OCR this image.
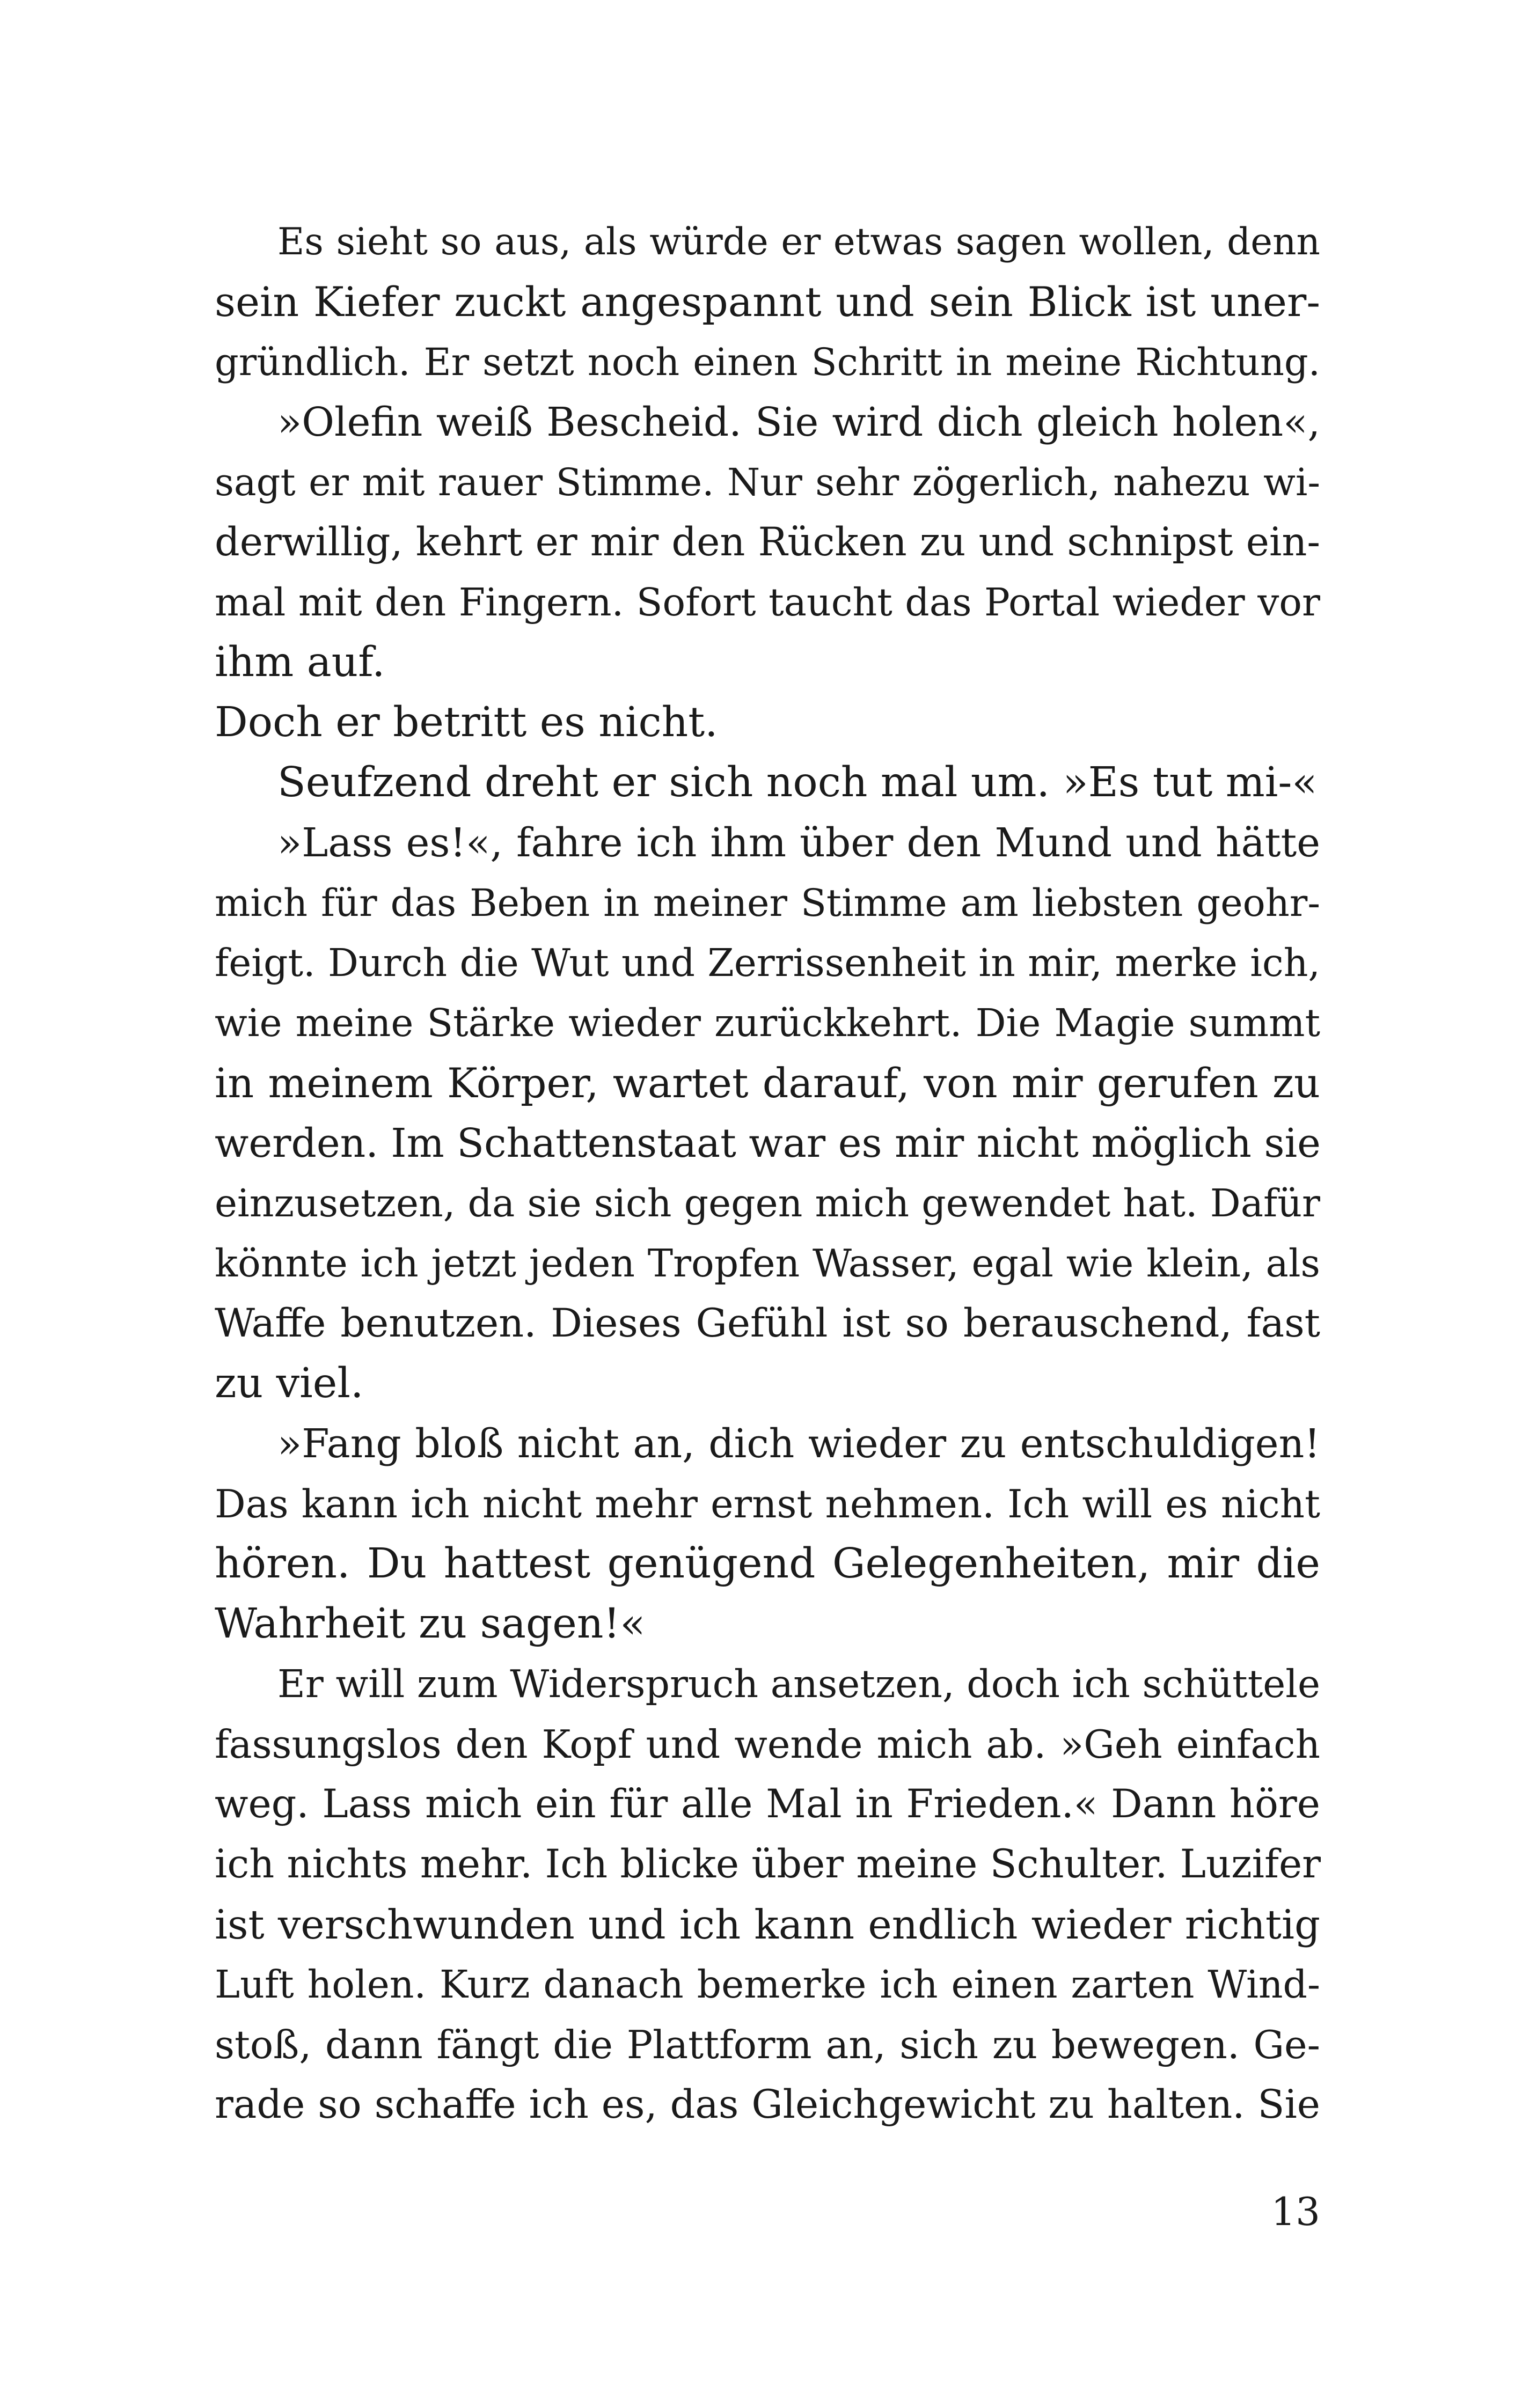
Es sieht so aus, als würde er etwas sagen wollen, denn
sein Kiefer zuckt angespannt und sein Blick ist uner-
gründlich. Er setzt noch einen Schritt in meine Richtung.
»Olefin weiß Bescheid. Sie wird dich gleich holen«,
sagt er mit rauer Stimme. Nur sehr zögerlich, nahezu wi-
derwillig, kehrt er mir den Rücken zu und schnipst ein-
mal mit den Fingern. Sofort taucht das Portal wieder vor
ihm auf.
Doch er betritt es nicht.
Seufzend dreht er sich noch mal um. »Es tut mi-«
»Lass es!«, fahre ich ihm über den Mund und hätte
mich für das Beben in meiner Stimme am liebsten geohr-
feigt. Durch die Wut und Zerrissenheit in mir, merke ich,
wie meine Stärke wieder zurückkehrt. Die Magie summt
in meinem Körper, wartet darauf, von mir gerufen zu
werden. Im Schattenstaat war es mir nicht möglich sie
einzusetzen, da sie sich gegen mich gewendet hat. Dafür
könnte ich jetzt jeden Tropfen Wasser, egal wie klein, als
Waffe benutzen. Dieses Gefühl ist so berauschend, fast
zu viel.
»Fang bloß nicht an, dich wieder zu entschuldigen!
Das kann ich nicht mehr ernst nehmen. Ich will es nicht
hören. Du hattest genügend Gelegenheiten, mir die
Wahrheit zu sagen!«
Er will zum Widerspruch ansetzen, doch ich schüttele
fassungslos den Kopf und wende mich ab. »Geh einfach
weg. Lass mich ein für alle Mal in Frieden.« Dann höre
ich nichts mehr. Ich blicke über meine Schulter. Luzifer
ist verschwunden und ich kann endlich wieder richtig
Luft holen. Kurz danach bemerke ich einen zarten Wind-
stoß, dann fängt die Plattform an, sich zu bewegen. Ge-
rade so schaffe ich es, das Gleichgewicht zu halten. Sie
13
